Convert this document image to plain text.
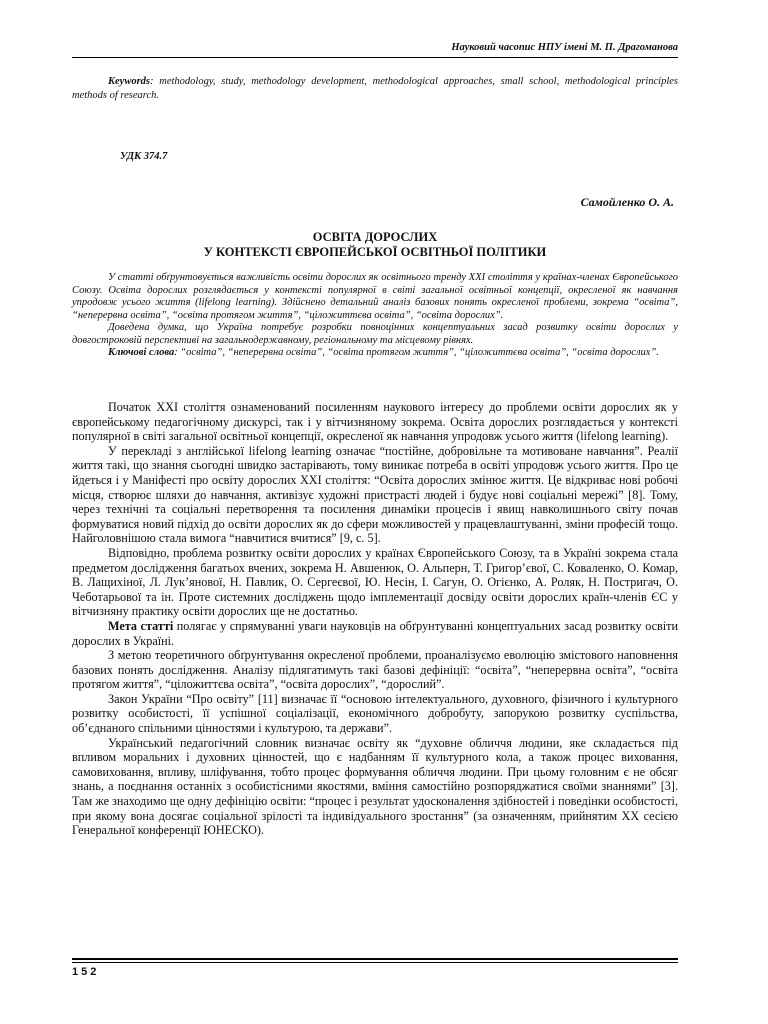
Науковий часопис НПУ імені М. П. Драгоманова
Keywords: methodology, study, methodology development, methodological approaches, small school, methodological principles methods of research.
УДК 374.7
Самойленко О. А.
ОСВІТА ДОРОСЛИХ
У КОНТЕКСТІ ЄВРОПЕЙСЬКОЇ ОСВІТНЬОЇ ПОЛІТИКИ

У статті обґрунтовується важливість освіти дорослих як освітнього тренду XXI століття у країнах-членах Європейського Союзу. Освіта дорослих розглядається у контексті популярної в світі загальної освітньої концепції, окресленої як навчання упродовж усього життя (lifelong learning). Здійснено детальний аналіз базових понять окресленої проблеми, зокрема “освіта”, “неперервна освіта”, “освіта протягом життя”, “ціложиттєва освіта”, “освіта дорослих”.

Доведена думка, що Україна потребує розробки повноцінних концептуальних засад розвитку освіти дорослих у довгостроковій перспективі на загальнодержавному, регіональному та місцевому рівнях.

Ключові слова: “освіта”, “неперервна освіта”, “освіта протягом життя”, “ціложиттєва освіта”, “освіта дорослих”.

Початок XXI століття ознаменований посиленням наукового інтересу до проблеми освіти дорослих як у європейському педагогічному дискурсі, так і у вітчизняному зокрема. Освіта дорослих розглядається у контексті популярної в світі загальної освітньої концепції, окресленої як навчання упродовж усього життя (lifelong learning).

У перекладі з англійської lifelong learning означає “постійне, добровільне та мотивоване навчання”. Реалії життя такі, що знання сьогодні швидко застарівають, тому виникає потреба в освіті упродовж усього життя. Про це йдеться і у Маніфесті про освіту дорослих XXI століття: “Освіта дорослих змінює життя. Це відкриває нові робочі місця, створює шляхи до навчання, активізує художні пристрасті людей і будує нові соціальні мережі” [8]. Тому, через технічні та соціальні перетворення та посилення динаміки процесів і явищ навколишнього світу почав формуватися новий підхід до освіти дорослих як до сфери можливостей у працевлаштуванні, зміни професій тощо. Найголовнішою стала вимога “навчитися вчитися” [9, с. 5].

Відповідно, проблема розвитку освіти дорослих у країнах Європейського Союзу, та в Україні зокрема стала предметом дослідження багатьох вчених, зокрема Н. Авшенюк, О. Альперн, Т. Григор’євої, С. Коваленко, О. Комар, В. Лащихіної, Л. Лук’янової, Н. Павлик, О. Сергеєвої, Ю. Несін, І. Сагун, О. Огієнко, А. Роляк, Н. Постригач, О. Чеботарьової та ін. Проте системних досліджень щодо імплементації досвіду освіти дорослих країн-членів ЄС у вітчизняну практику освіти дорослих ще не достатньо.

Мета статті полягає у спрямуванні уваги науковців на обґрунтуванні концептуальних засад розвитку освіти дорослих в Україні.

З метою теоретичного обґрунтування окресленої проблеми, проаналізуємо еволюцію змістового наповнення базових понять дослідження. Аналізу підлягатимуть такі базові дефініції: “освіта”, “неперервна освіта”, “освіта протягом життя”, “ціложиттєва освіта”, “освіта дорослих”, “дорослий”.

Закон України “Про освіту” [11] визначає її “основою інтелектуального, духовного, фізичного і культурного розвитку особистості, її успішної соціалізації, економічного добробуту, запорукою розвитку суспільства, об’єднаного спільними цінностями і культурою, та держави”.

Український педагогічний словник визначає освіту як “духовне обличчя людини, яке складається під впливом моральних і духовних цінностей, що є надбанням її культурного кола, а також процес виховання, самовиховання, впливу, шліфування, тобто процес формування обличчя людини. При цьому головним є не обсяг знань, а поєднання останніх з особистісними якостями, вміння самостійно розпоряджатися своїми знаннями” [3]. Там же знаходимо ще одну дефініцію освіти: “процес і результат удосконалення здібностей і поведінки особистості, при якому вона досягає соціальної зрілості та індивідуального зростання” (за означенням, прийнятим XX сесією Генеральної конференції ЮНЕСКО).

152
